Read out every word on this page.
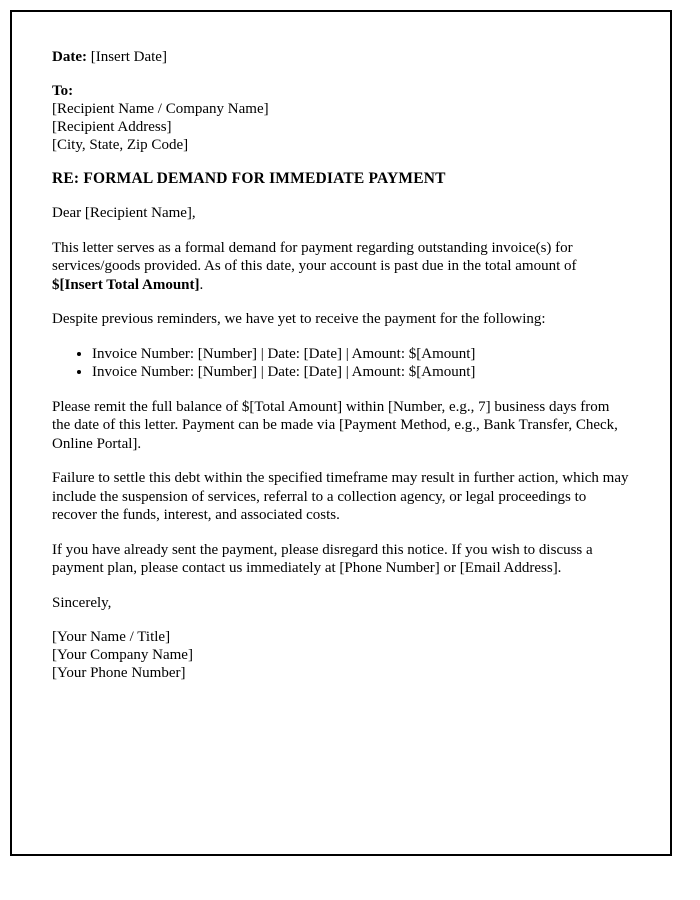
Date: [Insert Date]

To:

[Recipient Name / Company Name]

[Recipient Address]

[City, State, Zip Code]

RE: FORMAL DEMAND FOR IMMEDIATE PAYMENT

Dear [Recipient Name],

This letter serves as a formal demand for payment regarding outstanding invoice(s) for services/goods provided. As of this date, your account is past due in the total amount of $[Insert Total Amount].

Despite previous reminders, we have yet to receive the payment for the following:

• Invoice Number: [Number] | Date: [Date] | Amount: $[Amount]
• Invoice Number: [Number] | Date: [Date] | Amount: $[Amount]

Please remit the full balance of $[Total Amount] within [Number, e.g., 7] business days from the date of this letter. Payment can be made via [Payment Method, e.g., Bank Transfer, Check, Online Portal].

Failure to settle this debt within the specified timeframe may result in further action, which may include the suspension of services, referral to a collection agency, or legal proceedings to recover the funds, interest, and associated costs.

If you have already sent the payment, please disregard this notice. If you wish to discuss a payment plan, please contact us immediately at [Phone Number] or [Email Address].

Sincerely,

[Your Name / Title]

[Your Company Name]

[Your Phone Number]
